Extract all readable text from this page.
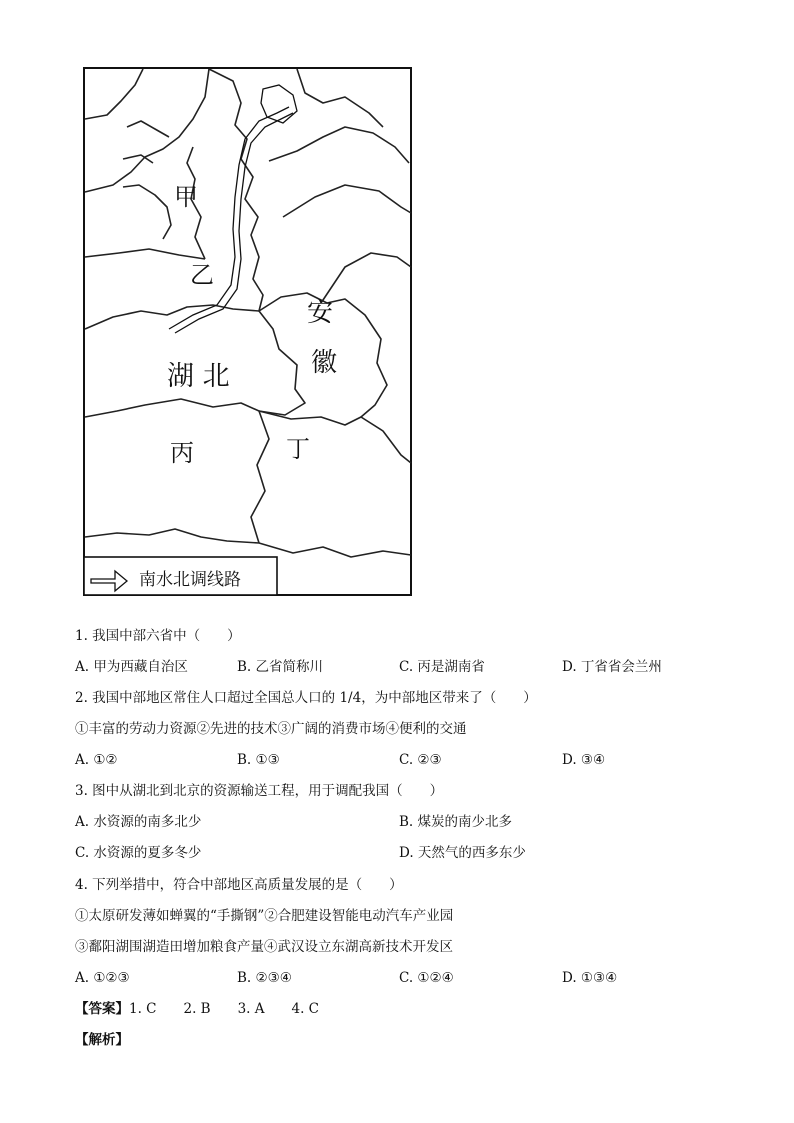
甲
乙
安
徽
湖 北
丙	丁
南水北调线路
1. 我国中部六省中（　　）
A. 甲为西藏自治区	B. 乙省简称川	C. 丙是湖南省	D. 丁省省会兰州
2. 我国中部地区常住人口超过全国总人口的 1/4，为中部地区带来了（　　）
①丰富的劳动力资源②先进的技术③广阔的消费市场④便利的交通
A. ①②	B. ①③	C. ②③	D. ③④
3. 图中从湖北到北京的资源输送工程，用于调配我国（　　）
A. 水资源的南多北少	B. 煤炭的南少北多
C. 水资源的夏多冬少	D. 天然气的西多东少
4. 下列举措中，符合中部地区高质量发展的是（　　）
①太原研发薄如蝉翼的“手撕钢”②合肥建设智能电动汽车产业园
③鄱阳湖围湖造田增加粮食产量④武汉设立东湖高新技术开发区
A. ①②③	B. ②③④	C. ①②④	D. ①③④
【答案】1. C　　2. B　　3. A　　4. C
【解析】
